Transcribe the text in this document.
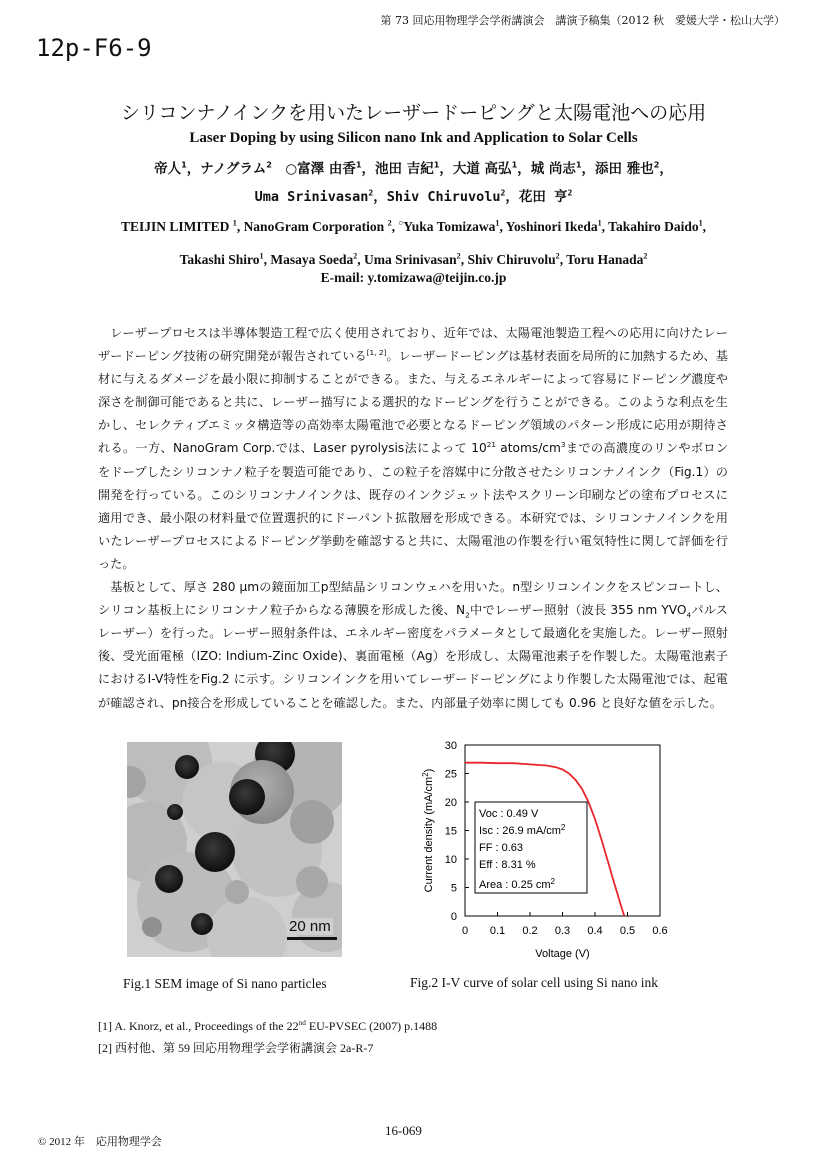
第 73 回応用物理学会学術講演会　講演予稿集（2012 秋　愛媛大学・松山大学）
12p-F6-9
シリコンナノインクを用いたレーザードーピングと太陽電池への応用
Laser Doping by using Silicon nano Ink and Application to Solar Cells
帝人$^1$，ナノグラム$^2$　○富澤 由香$^1$，池田 吉紀$^1$，大道 高弘$^1$，城 尚志$^1$，添田 雅也$^2$，
Uma Srinivasan$^2$，Shiv Chiruvolu$^2$，花田 亨$^2$
TEIJIN LIMITED $^1$, NanoGram Corporation $^2$, ○Yuka Tomizawa$^1$, Yoshinori Ikeda$^1$, Takahiro Daido$^1$,
Takashi Shiro$^1$, Masaya Soeda$^2$, Uma Srinivasan$^2$, Shiv Chiruvolu$^2$, Toru Hanada$^2$
E-mail: y.tomizawa@teijin.co.jp

レーザープロセスは半導体製造工程で広く使用されており、近年では、太陽電池製造工程への応用に向けたレーザードーピング技術の研究開発が報告されている[1, 2]。レーザードーピングは基材表面を局所的に加熱するため、基材に与えるダメージを最小限に抑制することができる。また、与えるエネルギーによって容易にドーピング濃度や深さを制御可能であると共に、レーザー描写による選択的なドーピングを行うことができる。このような利点を生かし、セレクティブエミッタ構造等の高効率太陽電池で必要となるドーピング領域のパターン形成に応用が期待される。一方、NanoGram Corp.では、Laser pyrolysis法によって $10^{21}$ atoms/$cm^3$までの高濃度のリンやボロンをドープしたシリコンナノ粒子を製造可能であり、この粒子を溶媒中に分散させたシリコンナノインク（Fig.1）の開発を行っている。このシリコンナノインクは、既存のインクジェット法やスクリーン印刷などの塗布プロセスに適用でき、最小限の材料量で位置選択的にドーパント拡散層を形成できる。本研究では、シリコンナノインクを用いたレーザープロセスによるドーピング挙動を確認すると共に、太陽電池の作製を行い電気特性に関して評価を行った。

基板として、厚さ 280 μmの鏡面加工p型結晶シリコンウェハを用いた。n型シリコンインクをスピンコートし、シリコン基板上にシリコンナノ粒子からなる薄膜を形成した後、$N_2$中でレーザー照射（波長 355 nm $YVO_4$パルスレーザー）を行った。レーザー照射条件は、エネルギー密度をパラメータとして最適化を実施した。レーザー照射後、受光面電極（IZO: Indium-Zinc Oxide)、裏面電極（Ag）を形成し、太陽電池素子を作製した。太陽電池素子におけるI-V特性をFig.2 に示す。シリコンインクを用いてレーザードーピングにより作製した太陽電池では、起電が確認され、pn接合を形成していることを確認した。また、内部量子効率に関しても 0.96 と良好な値を示した。

20 nm
Fig.1 SEM image of Si nano particles
0 0.1 0.2 0.3 0.4 0.5 0.6
0
5
10
15
20
25
30
Voltage (V)
Current density $(mA/cm^2)$
Voc : 0.49 V
Isc : 26.9 $mA/cm^2$
FF : 0.63
Eff : 8.31 %
Area : 0.25 $cm^2$
Fig.2 I-V curve of solar cell using Si nano ink
[1] A. Knorz, et al., Proceedings of the 22nd EU-PVSEC (2007) p.1488
[2] 西村他、第 59 回応用物理学会学術講演会 2a-R-7
16-069
© 2012 年　応用物理学会
